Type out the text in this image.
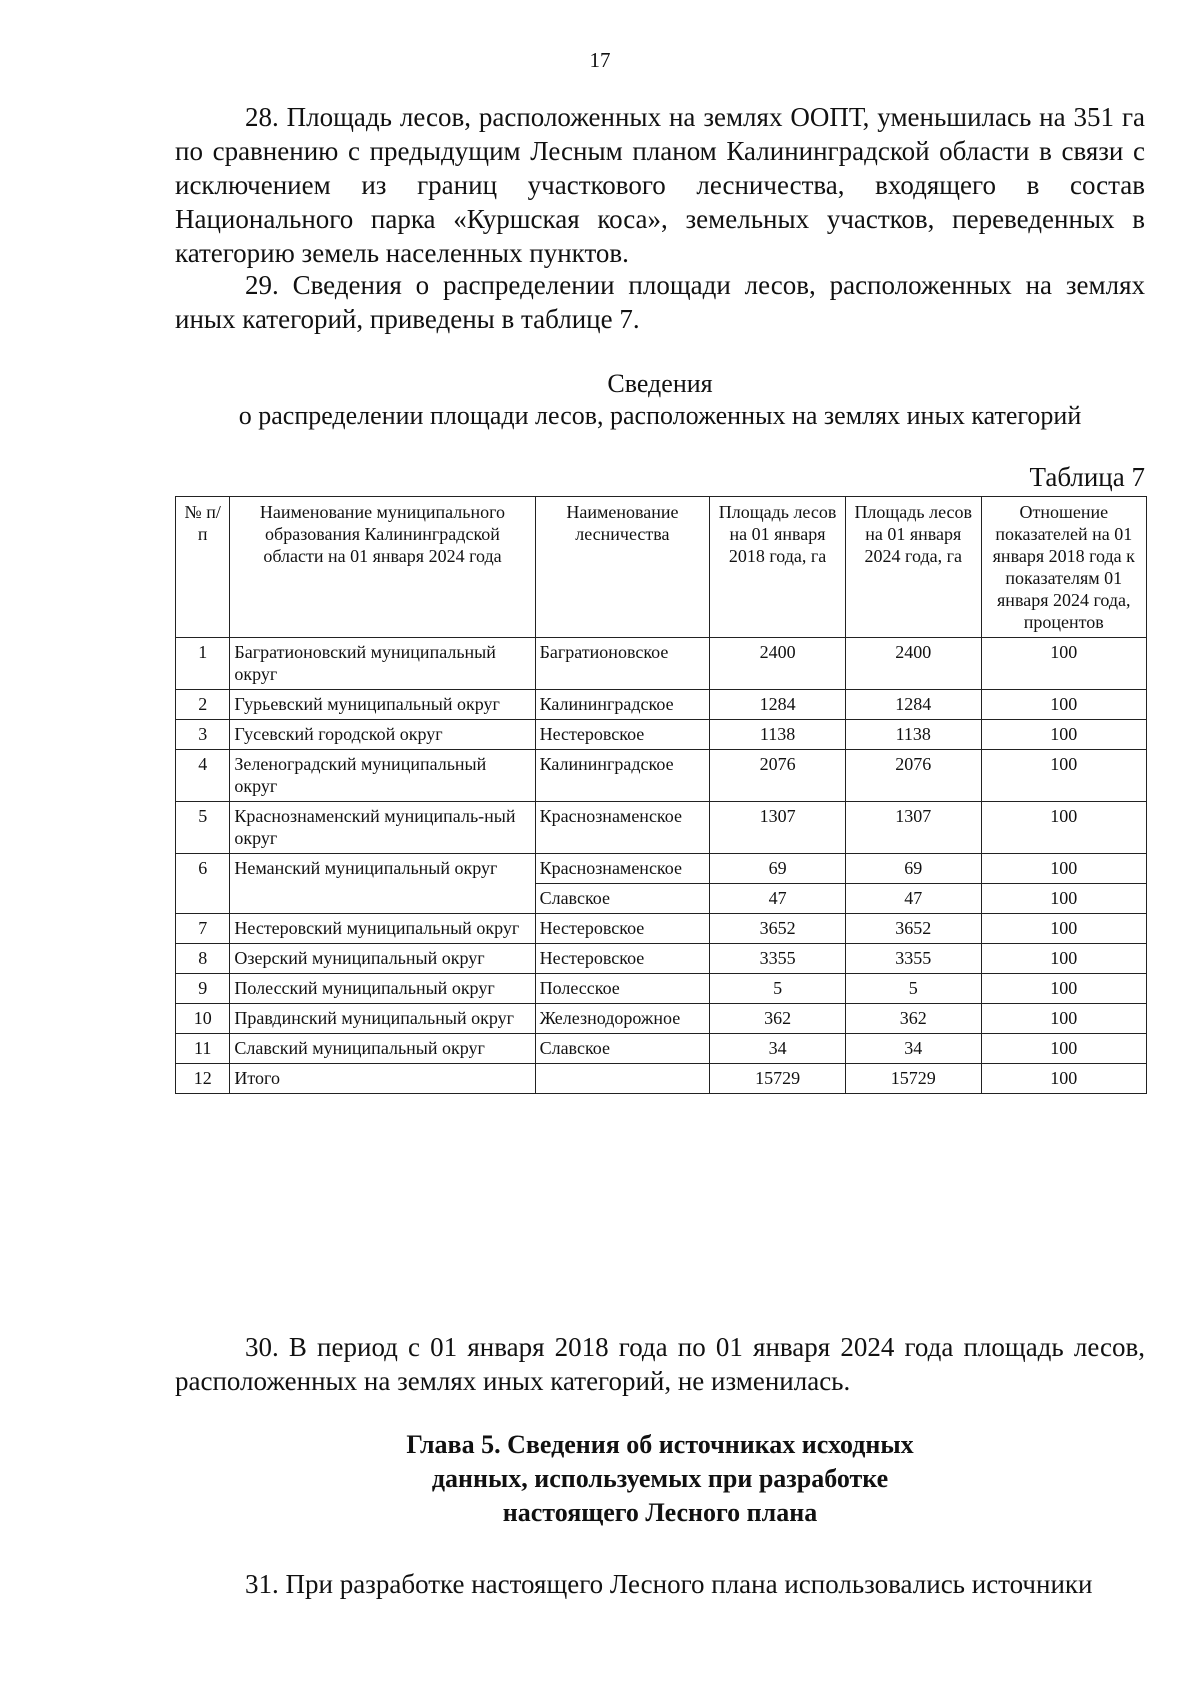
17

28. Площадь лесов, расположенных на землях ООПТ, уменьшилась на 351 га по сравнению с предыдущим Лесным планом Калининградской области в связи с исключением из границ участкового лесничества, входящего в состав Национального парка «Куршская коса», земельных участков, переведенных в категорию земель населенных пунктов.

29. Сведения о распределении площади лесов, расположенных на землях иных категорий, приведены в таблице 7.

Сведения
о распределении площади лесов, расположенных на землях иных категорий
Таблица 7
№ п/п	Наименование муниципального образования Калининградской области на 01 января 2024 года	Наименование лесничества	Площадь лесов на 01 января 2018 года, га	Площадь лесов на 01 января 2024 года, га	Отношение показателей на 01 января 2018 года к показателям 01 января 2024 года, процентов
1	Багратионовский муниципальный округ	Багратионовское	2400	2400	100
2	Гурьевский муниципальный округ	Калининградское	1284	1284	100
3	Гусевский городской округ	Нестеровское	1138	1138	100
4	Зеленоградский муниципальный округ	Калининградское	2076	2076	100
5	Краснознаменский муниципаль-ный округ	Краснознаменское	1307	1307	100
6	Неманский муниципальный округ	Краснознаменское	69	69	100
		Славское	47	47	100
7	Нестеровский муниципальный округ	Нестеровское	3652	3652	100
8	Озерский муниципальный округ	Нестеровское	3355	3355	100
9	Полесский муниципальный округ	Полесское	5	5	100
10	Правдинский муниципальный округ	Железнодорожное	362	362	100
11	Славский муниципальный округ	Славское	34	34	100
12	Итого		15729	15729	100

30. В период с 01 января 2018 года по 01 января 2024 года площадь лесов, расположенных на землях иных категорий, не изменилась.

Глава 5. Сведения об источниках исходных
данных, используемых при разработке
настоящего Лесного плана

31. При разработке настоящего Лесного плана использовались источники
